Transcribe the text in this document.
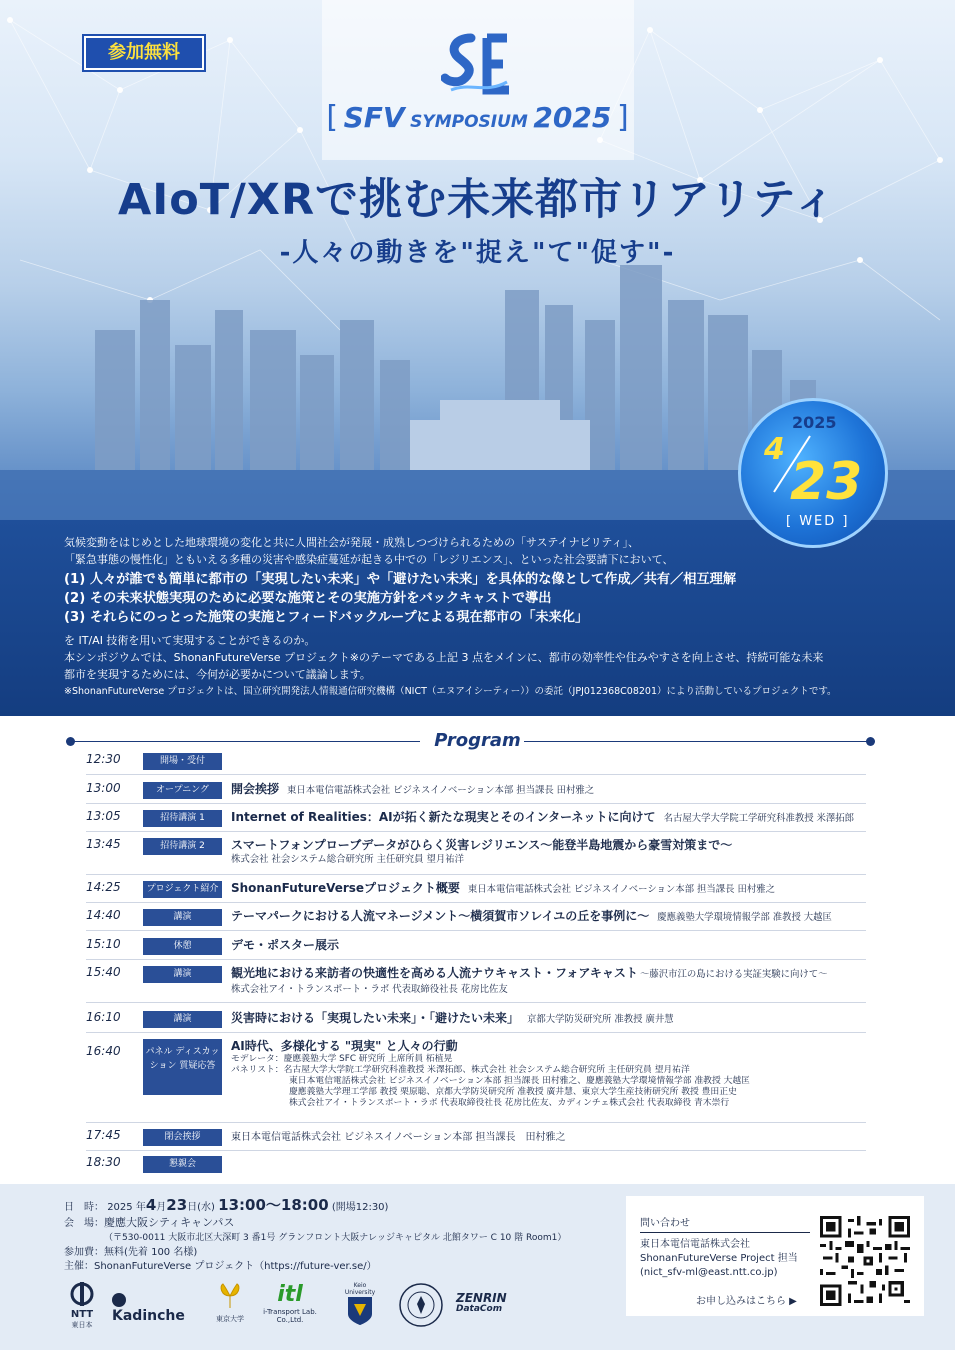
参加無料
[ SFV SYMPOSIUM 2025 ]
AIoT/XRで挑む未来都市リアリティ
-人々の動きを"捉え"て"促す"-

気候変動をはじめとした地球環境の変化と共に人間社会が発展・成熟しつづけられるための「サステイナビリティ」、

「緊急事態の慢性化」ともいえる多種の災害や感染症蔓延が起きる中での「レジリエンス」、といった社会要請下において、

(1) 人々が誰でも簡単に都市の「実現したい未来」や「避けたい未来」を具体的な像として作成／共有／相互理解

(2) その未来状態実現のために必要な施策とその実施方針をバックキャストで導出

(3) それらにのっとった施策の実施とフィードバックループによる現在都市の「未来化」

を IT/AI 技術を用いて実現することができるのか。

本シンポジウムでは、ShonanFutureVerse プロジェクト※のテーマである上記 3 点をメインに、都市の効率性や住みやすさを向上させ、持続可能な未来

都市を実現するためには、今何が必要かについて議論します。

※ShonanFutureVerse プロジェクトは、国立研究開発法人情報通信研究機構（NICT（エヌアイシーティー））の委託（JPJ012368C08201）により活動しているプロジェクトです。

2025
4
23
[ WED ]
Program
12:30	開場・受付
13:00	オープニング	開会挨拶 東日本電信電話株式会社 ビジネスイノベーション本部 担当課長 田村雅之
13:05	招待講演 1	Internet of Realities：AIが拓く新たな現実とそのインターネットに向けて 名古屋大学大学院工学研究科准教授 米澤拓郎
13:45	招待講演 2	スマートフォンプローブデータがひらく災害レジリエンス～能登半島地震から豪雪対策まで～
株式会社 社会システム総合研究所 主任研究員 望月祐洋
14:25	プロジェクト紹介 ShonanFutureVerseプロジェクト概要 東日本電信電話株式会社 ビジネスイノベーション本部 担当課長 田村雅之
14:40	講演	テーマパークにおける人流マネージメント～横須賀市ソレイユの丘を事例に～ 慶應義塾大学環境情報学部 准教授 大越匡
15:10	休憩	デモ・ポスター展示
15:40	講演	観光地における来訪者の快適性を高める人流ナウキャスト・フォアキャスト ～藤沢市江の島における実証実験に向けて～
株式会社アイ・トランスポート・ラボ 代表取締役社長 花房比佐友
16:10	講演	災害時における「実現したい未来」・「避けたい未来」 京都大学防災研究所 准教授 廣井慧
16:40	パネル ディスカッション 質疑応答
AI時代、多様化する "現実" と人々の行動
モデレータ：慶應義塾大学 SFC 研究所 上席所員 柘植晃
パネリスト：名古屋大学大学院工学研究科准教授 米澤拓郎、株式会社 社会システム総合研究所 主任研究員 望月祐洋
東日本電信電話株式会社 ビジネスイノベーション本部 担当課長 田村雅之、慶應義塾大学環境情報学部 准教授 大越匡
慶應義塾大学理工学部 教授 栗原聡、京都大学防災研究所 准教授 廣井慧、東京大学生産技術研究所 教授 豊田正史
株式会社アイ・トランスポート・ラボ 代表取締役社長 花房比佐友、カディンチェ株式会社 代表取締役 青木崇行
17:45	閉会挨拶	東日本電信電話株式会社 ビジネスイノベーション本部 担当課長　田村雅之
18:30	懇親会
日　時： 2025 年4月23日(水) 13:00～18:00 (開場12:30)
会　場：慶應大阪シティキャンパス
（〒530-0011 大阪市北区大深町 3 番1号 グランフロント大阪ナレッジキャピタル 北館タワー C 10 階 Room1）
参加費：無料(先着 100 名様)
主催：ShonanFutureVerse プロジェクト（https://future-ver.se/）
問い合わせ
東日本電信電話株式会社
ShonanFutureVerse Project 担当
(nict_sfv-ml@east.ntt.co.jp)
お申し込みはこちら ▶
NTT
東日本
Kadinche	東京大学
itl
i-Transport Lab. Co.,Ltd.
Keio University	ZENRIN
DataCom
